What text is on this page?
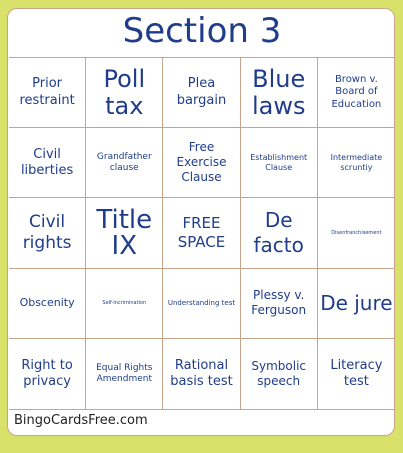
Section 3
Prior restraint
Poll tax
Plea bargain
Blue laws
Brown v. Board of Education
Civil liberties
Grandfather clause
Free Exercise Clause
Establishment Clause
Intermediate scruntiy
Civil rights
Title IX
FREE SPACE
De facto
Disenfranchisement
Obscenity	Self-incrimination	Understanding test
Plessy v. Ferguson De jure
Right to privacy
Equal Rights Amendment
Rational basis test
Symbolic speech
Literacy test
BingoCardsFree.com
